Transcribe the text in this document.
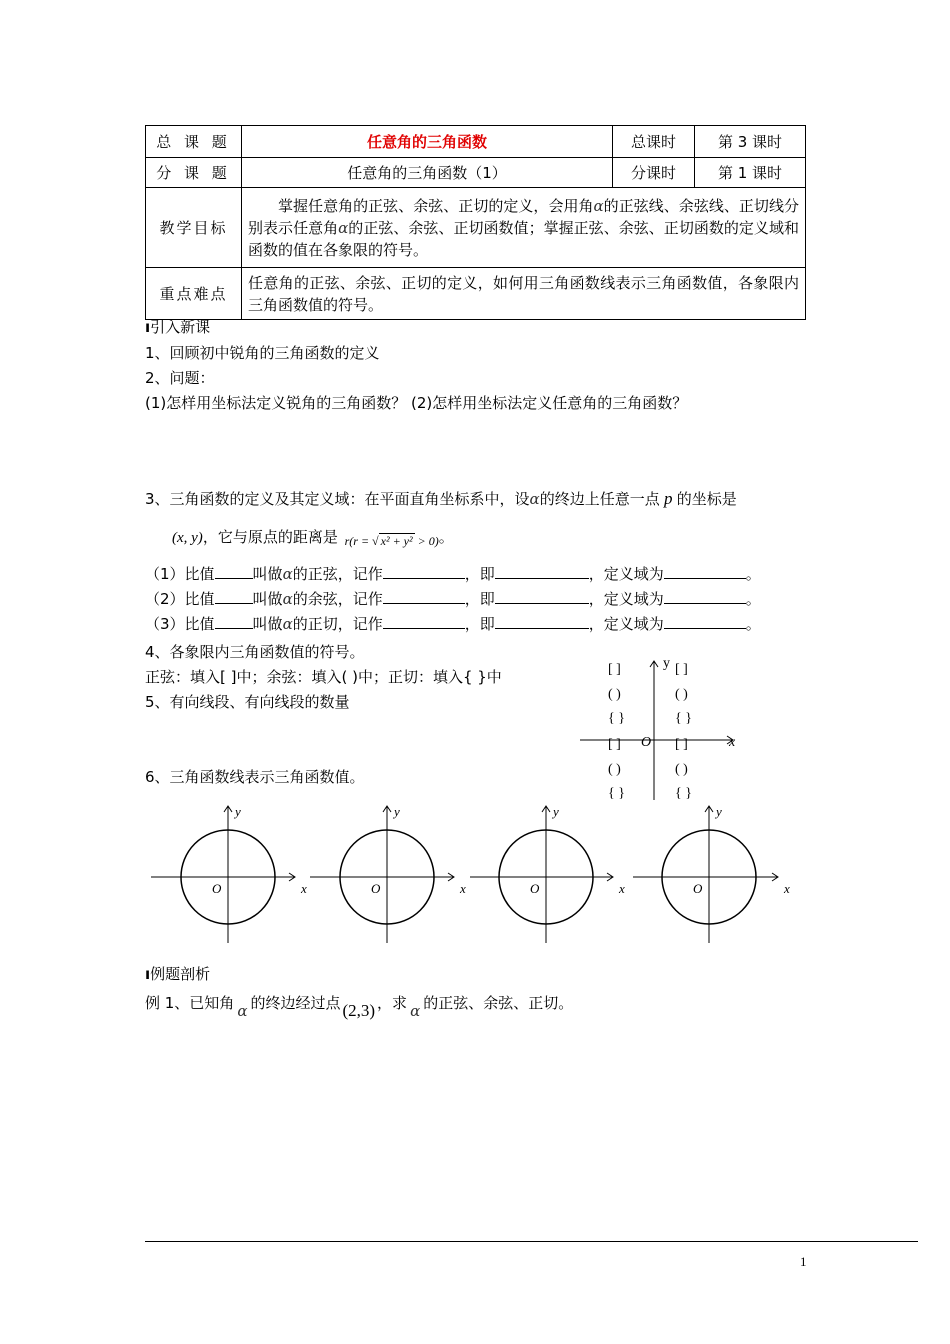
总 课 题	任意角的三角函数	总课时	第 3 课时
分 课 题	任意角的三角函数（1）	分课时	第 1 课时
教学目标	掌握任意角的正弦、余弦、正切的定义，会用角α的正弦线、余弦线、正切线分别表示任意角α的正弦、余弦、正切函数值；掌握正弦、余弦、正切函数的定义域和函数的值在各象限的符号。		
重点难点	任意角的正弦、余弦、正切的定义，如何用三角函数线表示三角函数值，各象限内三角函数值的符号。		
ı引入新课
1、回顾初中锐角的三角函数的定义
2、问题：
(1)怎样用坐标法定义锐角的三角函数？ (2)怎样用坐标法定义任意角的三角函数？
3、三角函数的定义及其定义域：在平面直角坐标系中，设α的终边上任意一点 p 的坐标是
(x, y)，它与原点的距离是 r(r = √ x² + y² > 0)。
（1）比值	叫做α的正弦，记作	，即	，定义域为	。
（2）比值	叫做α的余弦，记作	，即	，定义域为	。
（3）比值	叫做α的正切，记作	，即	，定义域为	。
4、各象限内三角函数值的符号。
正弦：填入[ ]中；余弦：填入( )中；正切：填入{ }中
5、有向线段、有向线段的数量
6、三角函数线表示三角函数值。
y
x
O
[ ]
( )
{ }
[ ]
( )
{ }
[ ]
( )
{ }
[ ]
( )
{ }
y
x
O
y
x
O
y
x
O
y
x
O
ı例题剖析
例 1、已知角 α 的终边经过点 (2,3) ，求 α 的正弦、余弦、正切。
1
